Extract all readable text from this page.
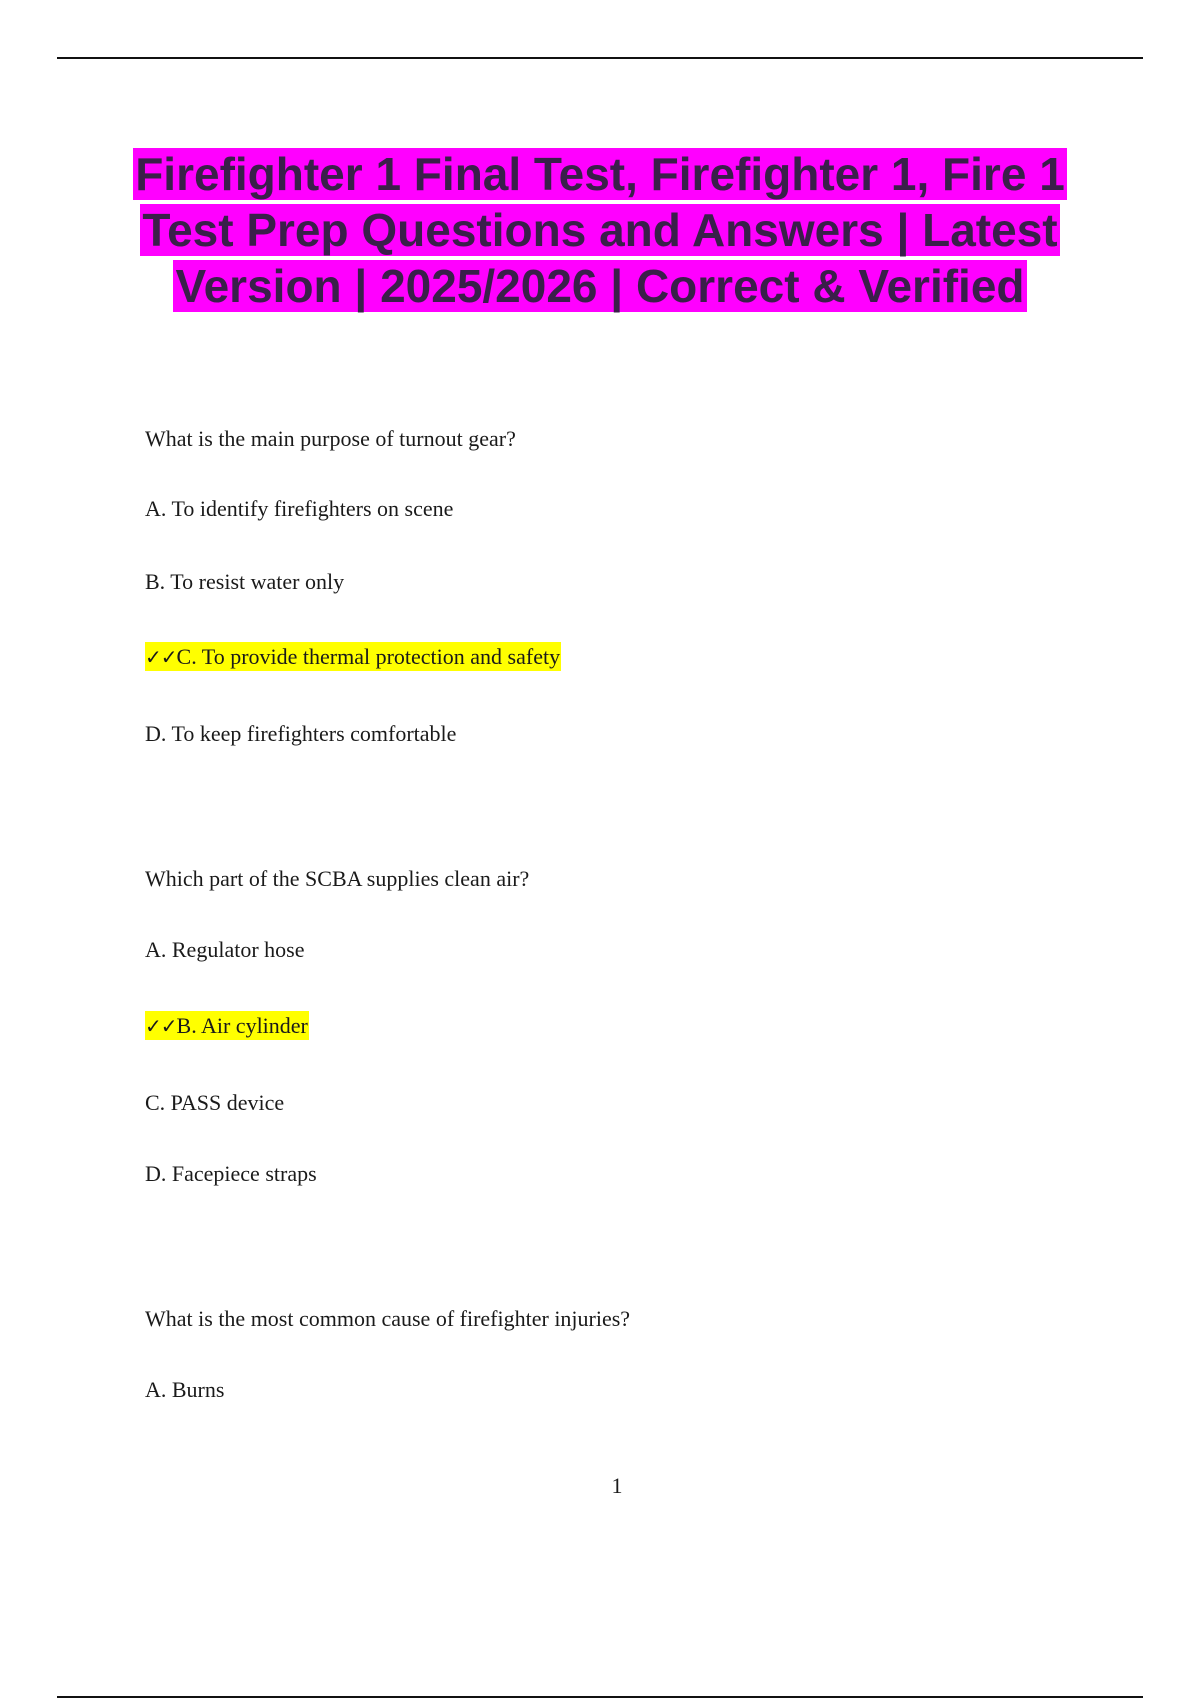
Firefighter 1 Final Test, Firefighter 1, Fire 1 Test Prep Questions and Answers | Latest Version | 2025/2026 | Correct & Verified
What is the main purpose of turnout gear?
A. To identify firefighters on scene
B. To resist water only
✓✓C. To provide thermal protection and safety
D. To keep firefighters comfortable
Which part of the SCBA supplies clean air?
A. Regulator hose
✓✓B. Air cylinder
C. PASS device
D. Facepiece straps
What is the most common cause of firefighter injuries?
A. Burns
1
